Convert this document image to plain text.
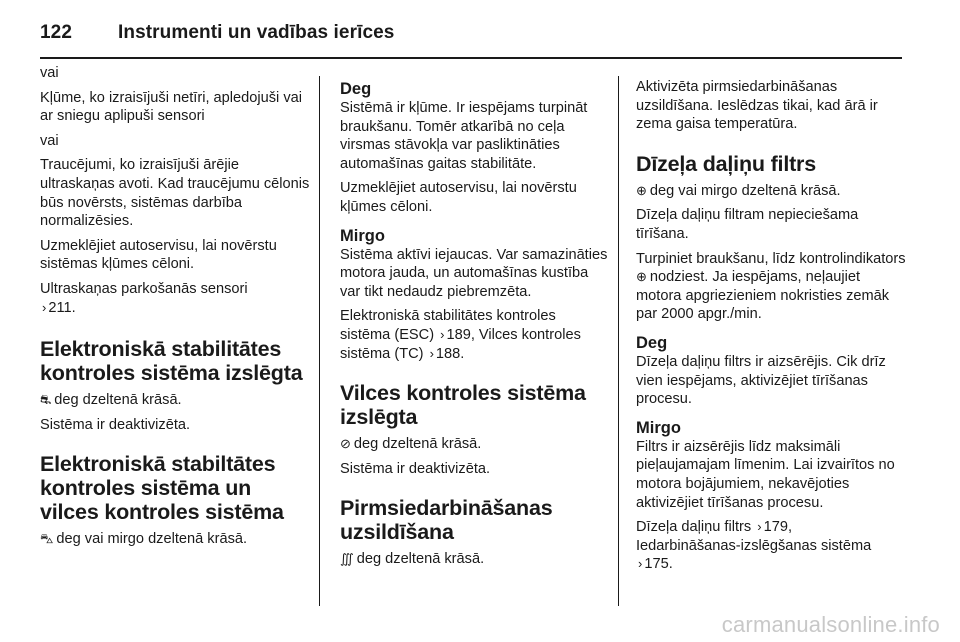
122	Instrumenti un vadības ierīces

vai

Kļūme, ko izraisījuši netīri, apledojuši vai ar sniegu aplipuši sensori

vai

Traucējumi, ko izraisījuši ārējie ultraskaņas avoti. Kad traucējumu cēlonis būs novērsts, sistēmas darbība normalizēsies.

Uzmeklējiet autoservisu, lai novērstu sistēmas kļūmes cēloni.

Ultraskaņas parkošanās sensori
› 211.

Elektroniskā stabilitātes kontroles sistēma izslēgta

⛐ deg dzeltenā krāsā.

Sistēma ir deaktivizēta.

Elektroniskā stabiltātes kontroles sistēma un vilces kontroles sistēma

⛍ deg vai mirgo dzeltenā krāsā.

Deg

Sistēmā ir kļūme. Ir iespējams turpināt braukšanu. Tomēr atkarībā no ceļa virsmas stāvokļa var pasliktināties automašīnas gaitas stabilitāte.

Uzmeklējiet autoservisu, lai novērstu kļūmes cēloni.

Mirgo

Sistēma aktīvi iejaucas. Var samazināties motora jauda, un automašīnas kustība var tikt nedaudz piebremzēta.

Elektroniskā stabilitātes kontroles sistēma (ESC) › 189, Vilces kontroles sistēma (TC) › 188.

Vilces kontroles sistēma izslēgta

⊘ deg dzeltenā krāsā.

Sistēma ir deaktivizēta.

Pirmsiedarbināšanas uzsildīšana

∭ deg dzeltenā krāsā.

Aktivizēta pirmsiedarbināšanas uzsildīšana. Ieslēdzas tikai, kad ārā ir zema gaisa temperatūra.

Dīzeļa daļiņu filtrs

⊕ deg vai mirgo dzeltenā krāsā.

Dīzeļa daļiņu filtram nepieciešama tīrīšana.

Turpiniet braukšanu, līdz kontrolindikators ⊕ nodziest. Ja iespējams, neļaujiet motora apgriezieniem nokristies zemāk par 2000 apgr./min.

Deg

Dīzeļa daļiņu filtrs ir aizsērējis. Cik drīz vien iespējams, aktivizējiet tīrīšanas procesu.

Mirgo

Filtrs ir aizsērējis līdz maksimāli pieļaujamajam līmenim. Lai izvairītos no motora bojājumiem, nekavējoties aktivizējiet tīrīšanas procesu.

Dīzeļa daļiņu filtrs › 179,
Iedarbināšanas-izslēgšanas sistēma
› 175.

carmanualsonline.info
